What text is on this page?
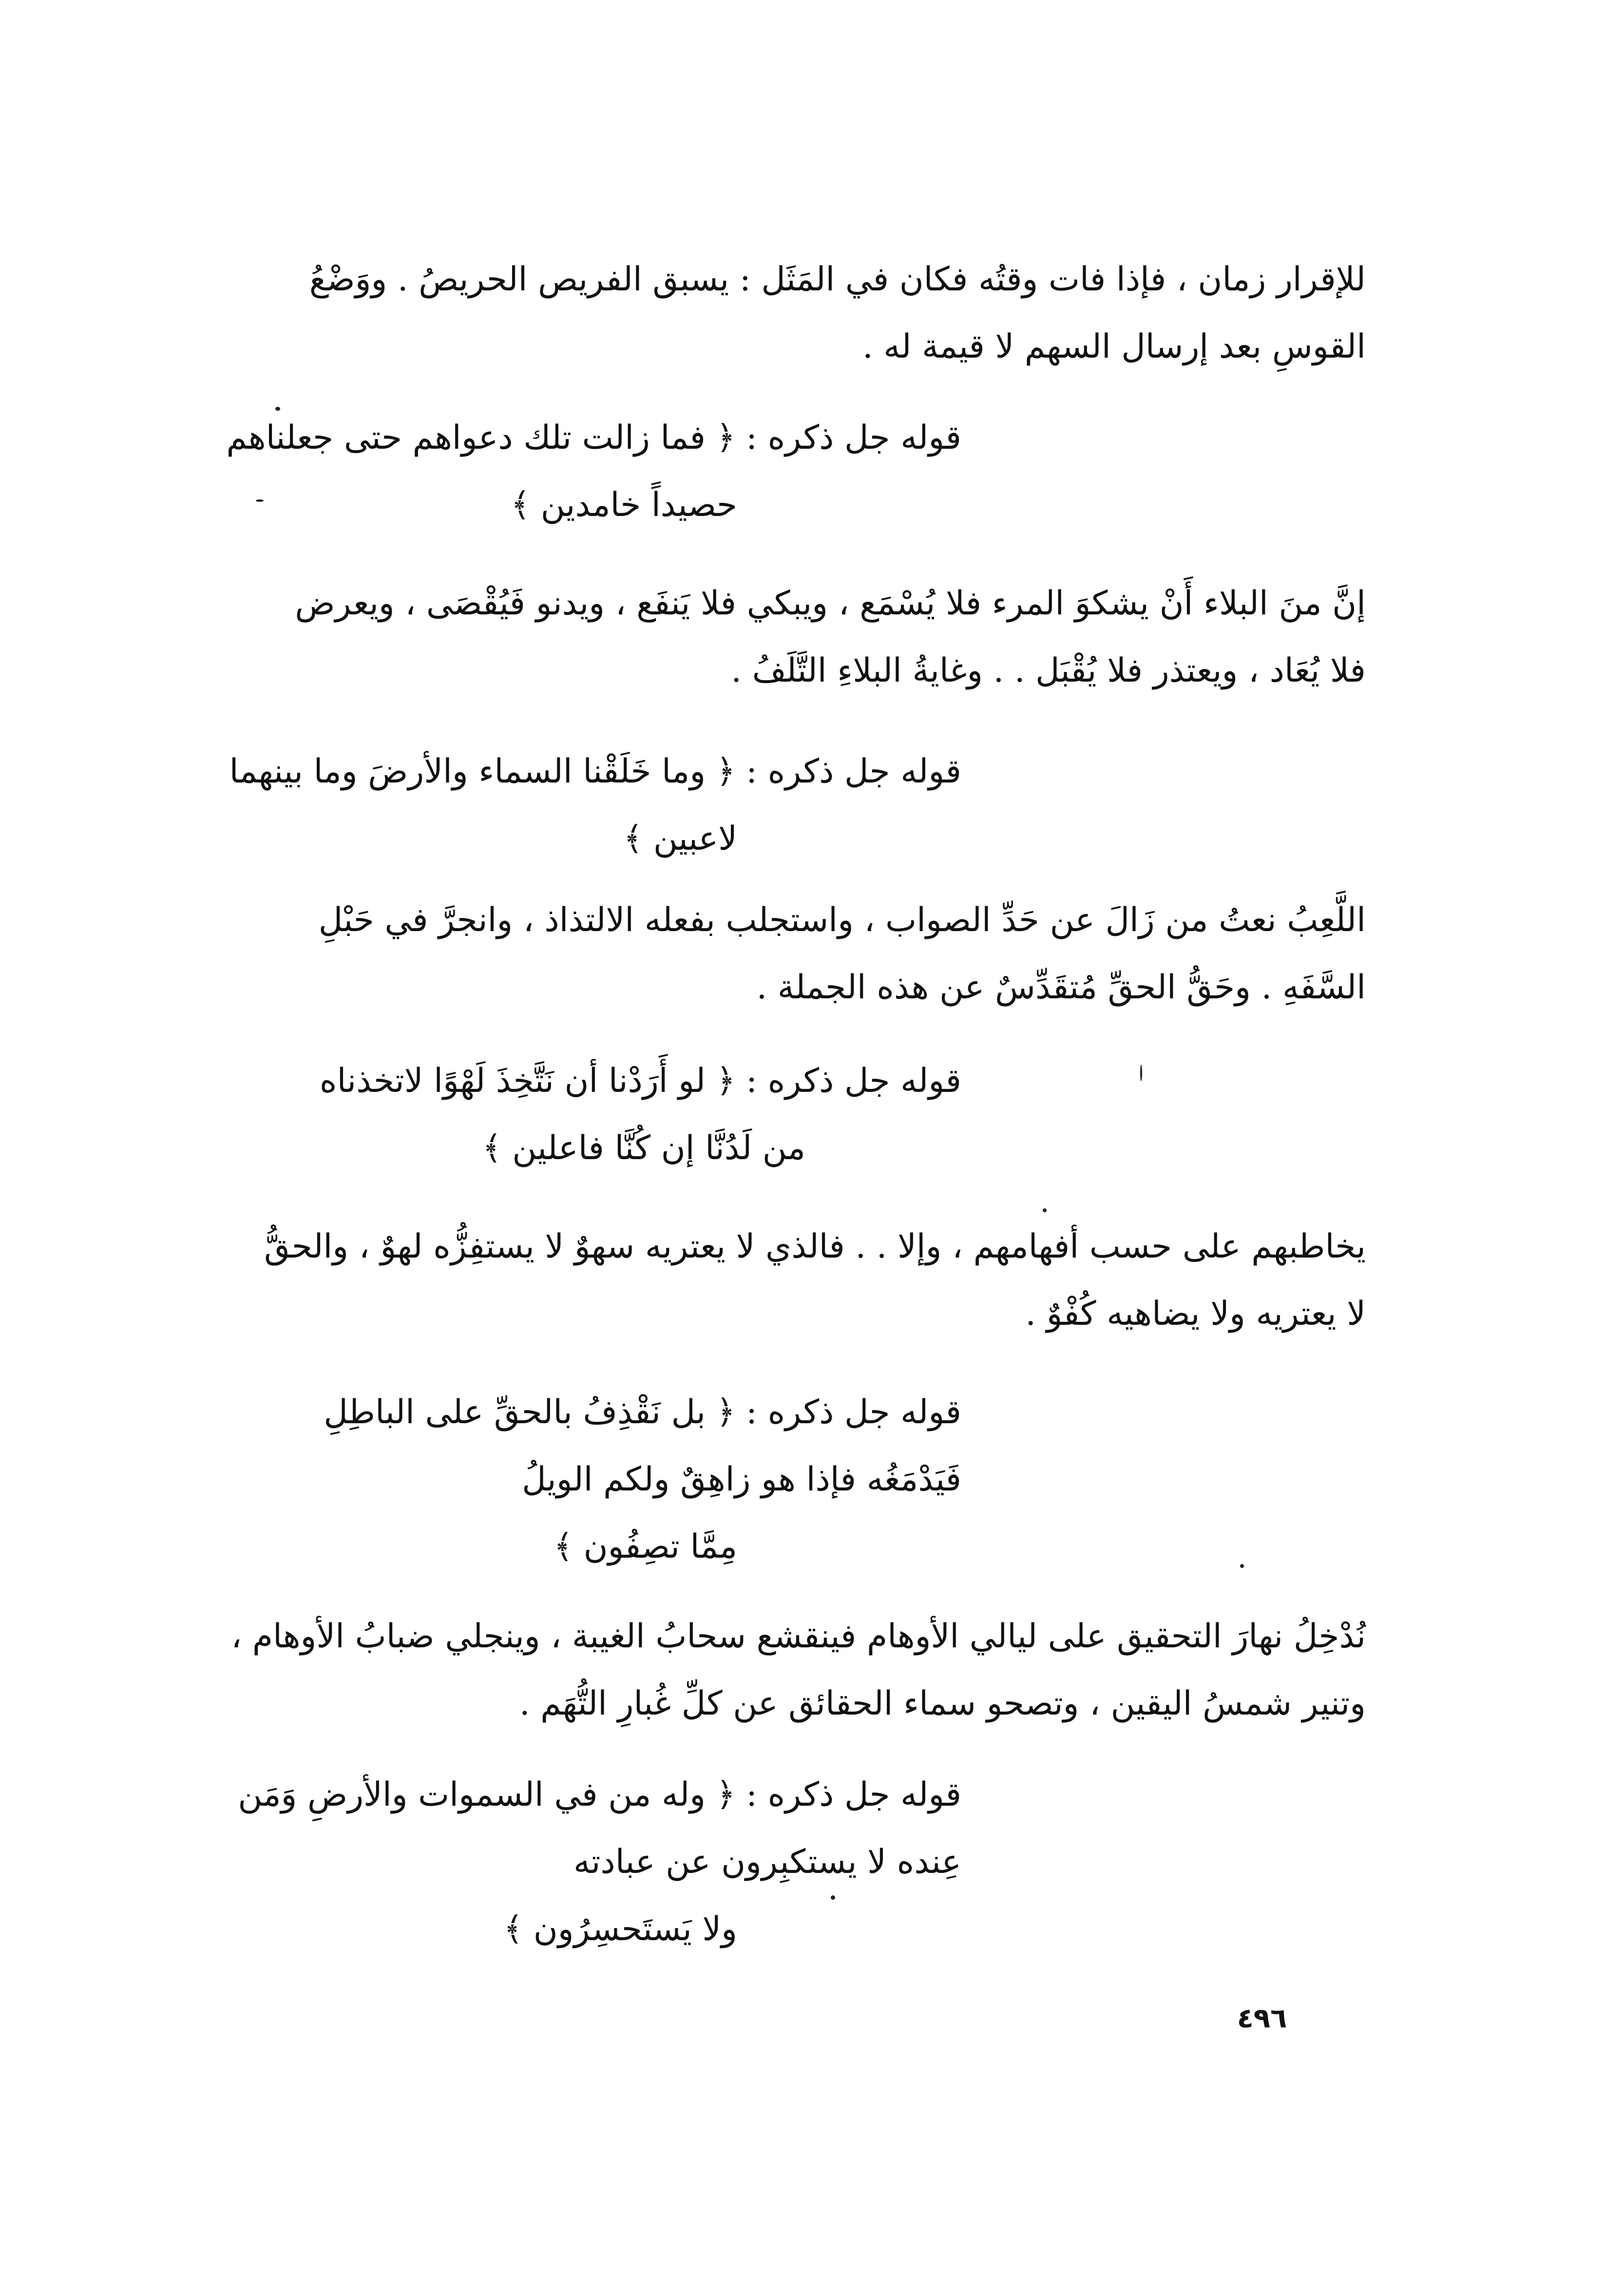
للإقرار زمان ، فإذا فات وقتُه فكان في المَثَل : يسبق الفريص الحريصُ . ووَضْعُ
القوسِ بعد إرسال السهم لا قيمة له .
قوله جل ذكره : ﴿ فما زالت تلك دعواهم حتى جعلناهم
حصيداً خامدين ﴾
إنَّ منَ البلاء أَنْ يشكوَ المرء فلا يُسْمَع ، ويبكي فلا يَنفَع ، ويدنو فَيُقْصَى ، ويعرض
فلا يُعَاد ، ويعتذر فلا يُقْبَل . . وغايةُ البلاءِ التَّلَفُ .
قوله جل ذكره : ﴿ وما خَلَقْنا السماء والأرضَ وما بينهما
لاعبين ﴾
اللَّعِبُ نعتُ من زَالَ عن حَدِّ الصواب ، واستجلب بفعله الالتذاذ ، وانجرَّ في حَبْلِ
السَّفَهِ . وحَقُّ الحقِّ مُتقَدِّسٌ عن هذه الجملة .
قوله جل ذكره : ﴿ لو أَرَدْنا أن نَتَّخِذَ لَهْوًا لاتخذناه
من لَدُنَّا إن كُنَّا فاعلين ﴾
يخاطبهم على حسب أفهامهم ، وإلا . . فالذي لا يعتريه سهوٌ لا يستفِزُّه لهوٌ ، والحقُّ
لا يعتريه ولا يضاهيه كُفْوٌ .
قوله جل ذكره : ﴿ بل نَقْذِفُ بالحقِّ على الباطِلِ
فَيَدْمَغُه فإذا هو زاهِقٌ ولكم الويلُ
مِمَّا تصِفُون ﴾
نُدْخِلُ نهارَ التحقيق على ليالي الأوهام فينقشع سحابُ الغيبة ، وينجلي ضبابُ الأوهام ،
وتنير شمسُ اليقين ، وتصحو سماء الحقائق عن كلِّ غُبارِ التُّهَم .
قوله جل ذكره : ﴿ وله من في السموات والأرضِ وَمَن
عِنده لا يستكبِرون عن عبادته
ولا يَستَحسِرُون ﴾
٤٩٦
